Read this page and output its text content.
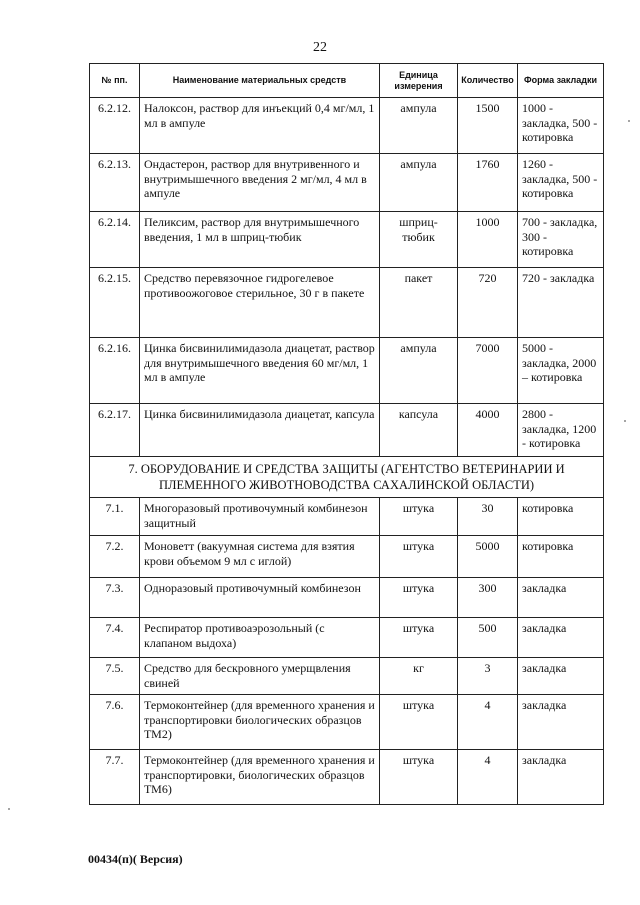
22
№ пп.	Наименование материальных средств	Единица измерения	Количество	Форма закладки
6.2.12.	Налоксон, раствор для инъекций 0,4 мг/мл, 1 мл в ампуле	ампула	1500	1000 - закладка, 500 - котировка
6.2.13.	Ондастерон, раствор для внутривенного и внутримышечного введения 2 мг/мл, 4 мл в ампуле	ампула	1760	1260 - закладка, 500 - котировка
6.2.14.	Пеликсим, раствор для внутримышечного введения, 1 мл в шприц-тюбик	шприц-тюбик	1000	700 - закладка, 300 - котировка
6.2.15.	Средство перевязочное гидрогелевое противоожоговое стерильное, 30 г в пакете	пакет	720	720 - закладка
6.2.16.	Цинка бисвинилимидазола диацетат, раствор для внутримышечного введения 60 мг/мл, 1 мл в ампуле	ампула	7000	5000 - закладка, 2000 – котировка
6.2.17.	Цинка бисвинилимидазола диацетат, капсула	капсула	4000	2800 - закладка, 1200 - котировка
7. ОБОРУДОВАНИЕ И СРЕДСТВА ЗАЩИТЫ (АГЕНТСТВО ВЕТЕРИНАРИИ И ПЛЕМЕННОГО ЖИВОТНОВОДСТВА САХАЛИНСКОЙ ОБЛАСТИ)				
7.1.	Многоразовый противочумный комбинезон защитный	штука	30	котировка
7.2.	Моноветт (вакуумная система для взятия крови объемом 9 мл с иглой)	штука	5000	котировка
7.3.	Одноразовый противочумный комбинезон	штука	300	закладка
7.4.	Респиратор противоаэрозольный (с клапаном выдоха)	штука	500	закладка
7.5.	Средство для бескровного умерщвления свиней	кг	3	закладка
7.6.	Термоконтейнер (для временного хранения и транспортировки биологических образцов ТМ2)	штука	4	закладка
7.7.	Термоконтейнер (для временного хранения и транспортировки, биологических образцов ТМ6)	штука	4	закладка
00434(п)( Версия)
